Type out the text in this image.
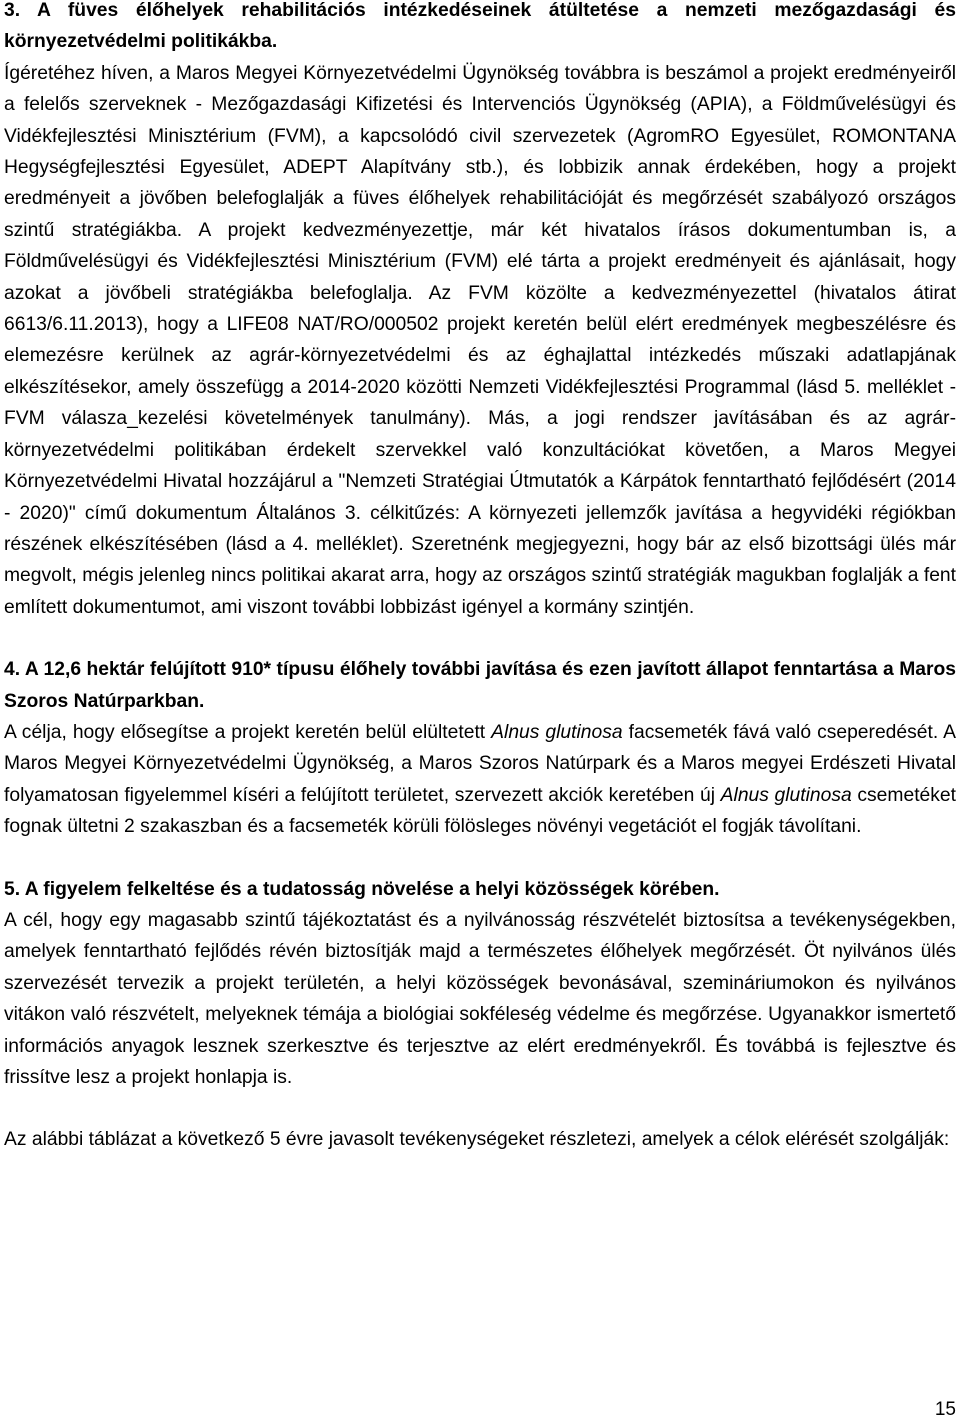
3. A füves élőhelyek rehabilitációs intézkedéseinek átültetése a nemzeti mezőgazdasági és környezetvédelmi politikákba.

Ígéretéhez híven, a Maros Megyei Környezetvédelmi Ügynökség továbbra is beszámol a projekt eredményeiről a felelős szerveknek - Mezőgazdasági Kifizetési és Intervenciós Ügynökség (APIA), a Földművelésügyi és Vidékfejlesztési Minisztérium (FVM), a kapcsolódó civil szervezetek (AgromRO Egyesület, ROMONTANA Hegységfejlesztési Egyesület, ADEPT Alapítvány stb.), és lobbizik annak érdekében, hogy a projekt eredményeit a jövőben belefoglalják a füves élőhelyek rehabilitációját és megőrzését szabályozó országos szintű stratégiákba. A projekt kedvezményezettje, már két hivatalos írásos dokumentumban is, a Földművelésügyi és Vidékfejlesztési Minisztérium (FVM) elé tárta a projekt eredményeit és ajánlásait, hogy azokat a jövőbeli stratégiákba belefoglalja. Az FVM közölte a kedvezményezettel (hivatalos átirat 6613/6.11.2013), hogy a LIFE08 NAT/RO/000502 projekt keretén belül elért eredmények megbeszélésre és elemezésre kerülnek az agrár-környezetvédelmi és az éghajlattal intézkedés műszaki adatlapjának elkészítésekor, amely összefügg a 2014-2020 közötti Nemzeti Vidékfejlesztési Programmal (lásd 5. melléklet - FVM válasza_kezelési követelmények tanulmány). Más, a jogi rendszer javításában és az agrár-környezetvédelmi politikában érdekelt szervekkel való konzultációkat követően, a Maros Megyei Környezetvédelmi Hivatal hozzájárul a "Nemzeti Stratégiai Útmutatók a Kárpátok fenntartható fejlődésért (2014 - 2020)" című dokumentum Általános 3. célkitűzés: A környezeti jellemzők javítása a hegyvidéki régiókban részének elkészítésében (lásd a 4. melléklet). Szeretnénk megjegyezni, hogy bár az első bizottsági ülés már megvolt, mégis jelenleg nincs politikai akarat arra, hogy az országos szintű stratégiák magukban foglalják a fent említett dokumentumot, ami viszont további lobbizást igényel a kormány szintjén.

4. A 12,6 hektár felújított 910* típusu élőhely további javítása és ezen javított állapot fenntartása a Maros Szoros Natúrparkban.

A célja, hogy elősegítse a projekt keretén belül elültetett Alnus glutinosa facsemeték fává való cseperedését. A Maros Megyei Környezetvédelmi Ügynökség, a Maros Szoros Natúrpark és a Maros megyei Erdészeti Hivatal folyamatosan figyelemmel kíséri a felújított területet, szervezett akciók keretében új Alnus glutinosa csemetéket fognak ültetni 2 szakaszban és a facsemeték körüli fölösleges növényi vegetációt el fogják távolítani.

5. A figyelem felkeltése és a tudatosság növelése a helyi közösségek körében.

A cél, hogy egy magasabb szintű tájékoztatást és a nyilvánosság részvételét biztosítsa a tevékenységekben, amelyek fenntartható fejlődés révén biztosítják majd a természetes élőhelyek megőrzését. Öt nyilvános ülés szervezését tervezik a projekt területén, a helyi közösségek bevonásával, szemináriumokon és nyilvános vitákon való részvételt, melyeknek témája a biológiai sokféleség védelme és megőrzése. Ugyanakkor ismertető információs anyagok lesznek szerkesztve és terjesztve az elért eredményekről. És továbbá is fejlesztve és frissítve lesz a projekt honlapja is.

Az alábbi táblázat a következő 5 évre javasolt tevékenységeket részletezi, amelyek a célok elérését szolgálják:

15
